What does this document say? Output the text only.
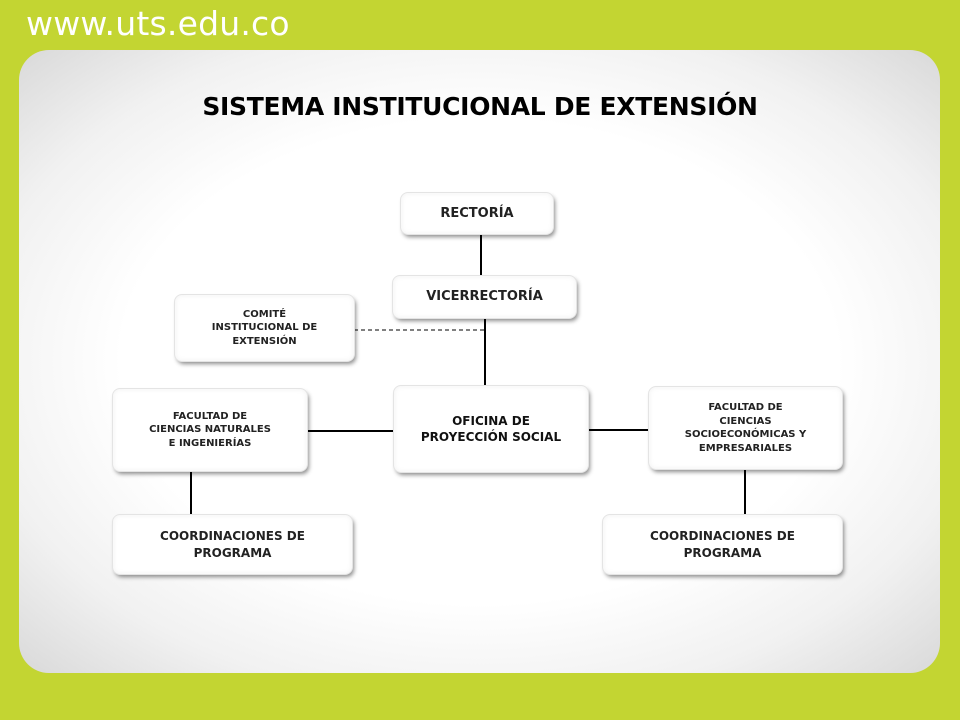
www.uts.edu.co
SISTEMA INSTITUCIONAL DE EXTENSIÓN
RECTORÍA
VICERRECTORÍA
COMITÉ
INSTITUCIONAL DE
EXTENSIÓN
OFICINA DE
PROYECCIÓN SOCIAL
FACULTAD DE
CIENCIAS NATURALES
E INGENIERÍAS
FACULTAD DE
CIENCIAS
SOCIOECONÓMICAS Y
EMPRESARIALES
COORDINACIONES DE
PROGRAMA
COORDINACIONES DE
PROGRAMA
